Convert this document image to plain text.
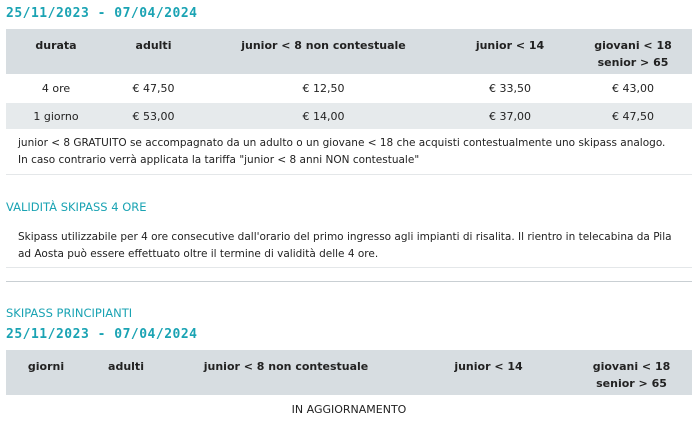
25/11/2023 - 07/04/2024
durata	adulti	junior < 8 non contestuale	junior < 14	giovani < 18
senior > 65
4 ore	€ 47,50	€ 12,50	€ 33,50	€ 43,00
1 giorno	€ 53,00	€ 14,00	€ 37,00	€ 47,50
junior < 8 GRATUITO se accompagnato da un adulto o un giovane < 18 che acquisti contestualmente uno skipass analogo. In caso contrario verrà applicata la tariffa "junior < 8 anni NON contestuale"
VALIDITÀ SKIPASS 4 ORE
Skipass utilizzabile per 4 ore consecutive dall'orario del primo ingresso agli impianti di risalita. Il rientro in telecabina da Pila ad Aosta può essere effettuato oltre il termine di validità delle 4 ore.
SKIPASS PRINCIPIANTI
25/11/2023 - 07/04/2024
giorni	adulti	junior < 8 non contestuale	junior < 14	giovani < 18
senior > 65
IN AGGIORNAMENTO
